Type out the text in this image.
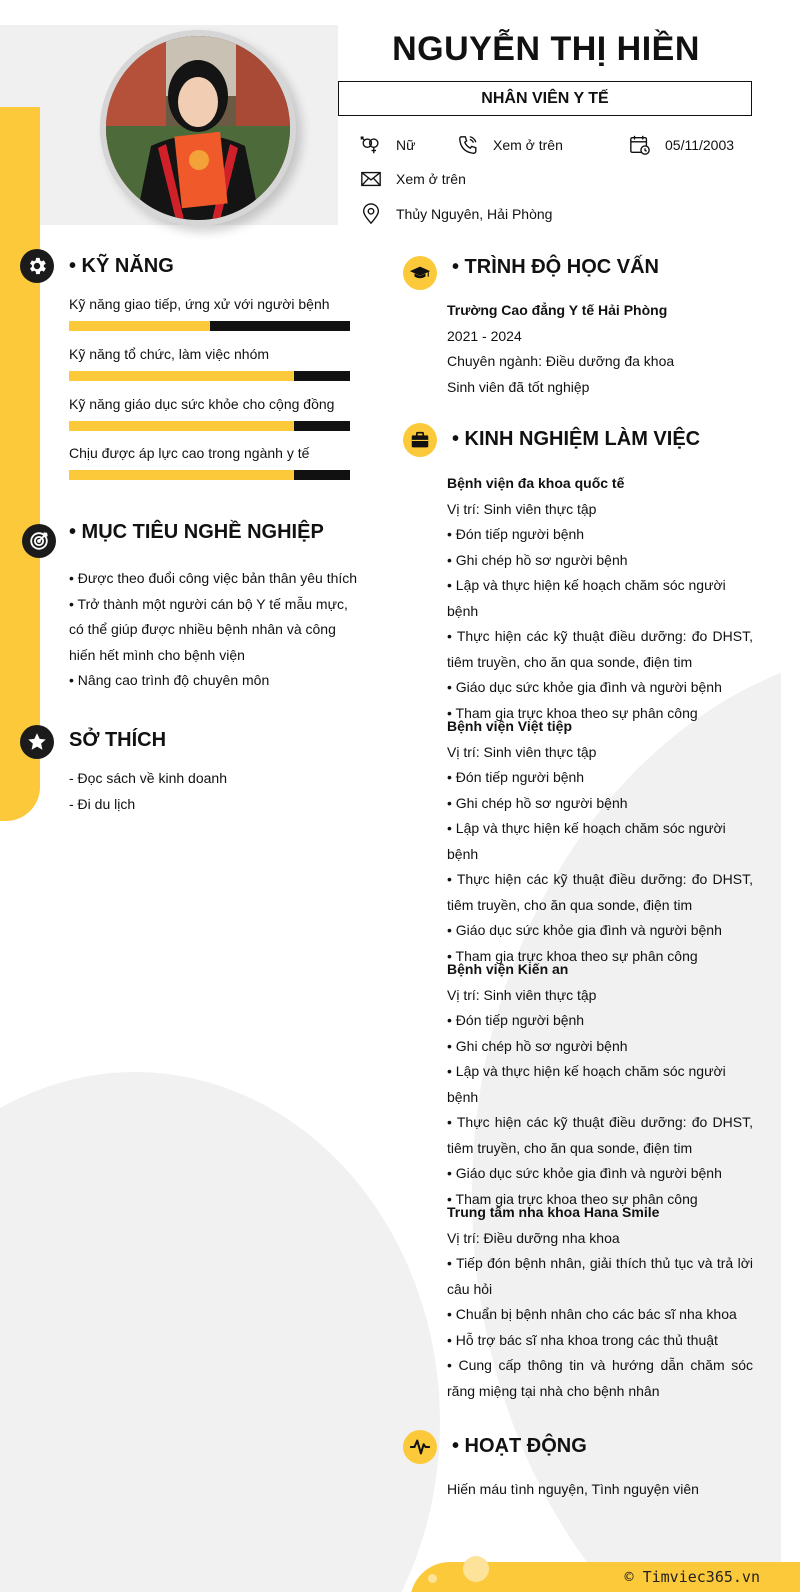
NGUYỄN THỊ HIỀN
NHÂN VIÊN Y TẾ
Nữ	Xem ở trên	05/11/2003
Xem ở trên
Thủy Nguyên, Hải Phòng
• KỸ NĂNG
Kỹ năng giao tiếp, ứng xử với người bệnh
Kỹ năng tổ chức, làm việc nhóm
Kỹ năng giáo dục sức khỏe cho cộng đồng
Chịu được áp lực cao trong ngành y tế
• MỤC TIÊU NGHỀ NGHIỆP
• Được theo đuổi công việc bản thân yêu thích
• Trở thành một người cán bộ Y tế mẫu mực, có thể giúp được nhiều bệnh nhân và công hiến hết mình cho bệnh viện
• Nâng cao trình độ chuyên môn
SỞ THÍCH
- Đọc sách về kinh doanh
- Đi du lịch
• TRÌNH ĐỘ HỌC VẤN
Trường Cao đẳng Y tế Hải Phòng
2021 - 2024
Chuyên ngành: Điều dưỡng đa khoa
Sinh viên đã tốt nghiệp
• KINH NGHIỆM LÀM VIỆC
Bệnh viện đa khoa quốc tế
Vị trí: Sinh viên thực tập
• Đón tiếp người bệnh
• Ghi chép hồ sơ người bệnh
• Lập và thực hiện kế hoạch chăm sóc người bệnh
• Thực hiện các kỹ thuật điều dưỡng: đo DHST, tiêm truyền, cho ăn qua sonde, điện tim
• Giáo dục sức khỏe gia đình và người bệnh
• Tham gia trực khoa theo sự phân công
Bệnh viện Việt tiệp
Vị trí: Sinh viên thực tập
• Đón tiếp người bệnh
• Ghi chép hồ sơ người bệnh
• Lập và thực hiện kế hoạch chăm sóc người bệnh
• Thực hiện các kỹ thuật điều dưỡng: đo DHST, tiêm truyền, cho ăn qua sonde, điện tim
• Giáo dục sức khỏe gia đình và người bệnh
• Tham gia trực khoa theo sự phân công
Bệnh viện Kiến an
Vị trí: Sinh viên thực tập
• Đón tiếp người bệnh
• Ghi chép hồ sơ người bệnh
• Lập và thực hiện kế hoạch chăm sóc người bệnh
• Thực hiện các kỹ thuật điều dưỡng: đo DHST, tiêm truyền, cho ăn qua sonde, điện tim
• Giáo dục sức khỏe gia đình và người bệnh
• Tham gia trực khoa theo sự phân công
Trung tâm nha khoa Hana Smile
Vị trí: Điều dưỡng nha khoa
• Tiếp đón bệnh nhân, giải thích thủ tục và trả lời câu hỏi
• Chuẩn bị bệnh nhân cho các bác sĩ nha khoa
• Hỗ trợ bác sĩ nha khoa trong các thủ thuật
• Cung cấp thông tin và hướng dẫn chăm sóc răng miệng tại nhà cho bệnh nhân
• HOẠT ĐỘNG
Hiến máu tình nguyện, Tình nguyện viên
© Timviec365.vn
